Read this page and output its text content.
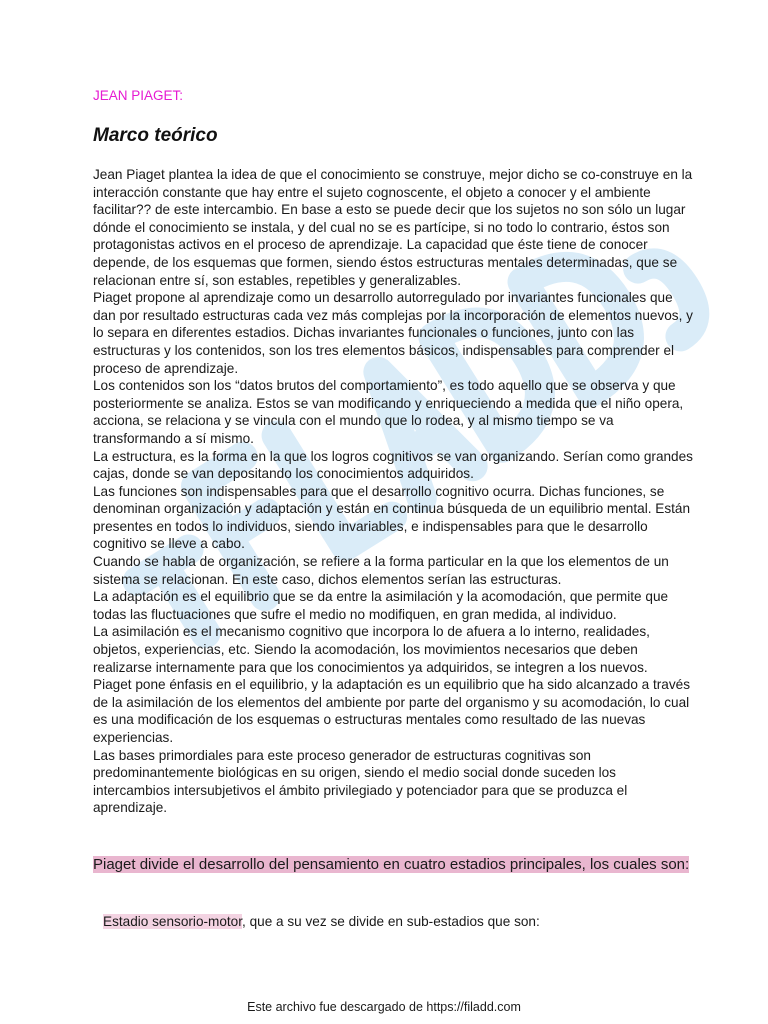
JEAN PIAGET:
Marco teórico

Jean Piaget plantea la idea de que el conocimiento se construye, mejor dicho se co-construye en la interacción constante que hay entre el sujeto cognoscente, el objeto a conocer y el ambiente facilitar?? de este intercambio. En base a esto se puede decir que los sujetos no son sólo un lugar dónde el conocimiento se instala, y del cual no se es partícipe, si no todo lo contrario, éstos son protagonistas activos en el proceso de aprendizaje. La capacidad que éste tiene de conocer depende, de los esquemas que formen, siendo éstos estructuras mentales determinadas, que se relacionan entre sí, son estables, repetibles y generalizables.

Piaget propone al aprendizaje como un desarrollo autorregulado por invariantes funcionales que dan por resultado estructuras cada vez más complejas por la incorporación de elementos nuevos, y lo separa en diferentes estadios. Dichas invariantes funcionales o funciones, junto con las estructuras y los contenidos, son los tres elementos básicos, indispensables para comprender el proceso de aprendizaje.

Los contenidos son los “datos brutos del comportamiento”, es todo aquello que se observa y que posteriormente se analiza. Estos se van modificando y enriqueciendo a medida que el niño opera, acciona, se relaciona y se vincula con el mundo que lo rodea, y al mismo tiempo se va transformando a sí mismo.

La estructura, es la forma en la que los logros cognitivos se van organizando. Serían como grandes cajas, donde se van depositando los conocimientos adquiridos.

Las funciones son indispensables para que el desarrollo cognitivo ocurra. Dichas funciones, se denominan organización y adaptación y están en continua búsqueda de un equilibrio mental. Están presentes en todos lo individuos, siendo invariables, e indispensables para que le desarrollo cognitivo se lleve a cabo.

Cuando se habla de organización, se refiere a la forma particular en la que los elementos de un sistema se relacionan. En este caso, dichos elementos serían las estructuras.

La adaptación es el equilibrio que se da entre la asimilación y la acomodación, que permite que todas las fluctuaciones que sufre el medio no modifiquen, en gran medida, al individuo.

La asimilación es el mecanismo cognitivo que incorpora lo de afuera a lo interno, realidades, objetos, experiencias, etc. Siendo la acomodación, los movimientos necesarios que deben realizarse internamente para que los conocimientos ya adquiridos, se integren a los nuevos.

Piaget pone énfasis en el equilibrio, y la adaptación es un equilibrio que ha sido alcanzado a través de la asimilación de los elementos del ambiente por parte del organismo y su acomodación, lo cual es una modificación de los esquemas o estructuras mentales como resultado de las nuevas experiencias.

Las bases primordiales para este proceso generador de estructuras cognitivas son predominantemente biológicas en su origen, siendo el medio social donde suceden los intercambios intersubjetivos el ámbito privilegiado y potenciador para que se produzca el aprendizaje.

Piaget divide el desarrollo del pensamiento en cuatro estadios principales, los cuales son:
Estadio sensorio-motor, que a su vez se divide en sub-estadios que son:
Este archivo fue descargado de https://filadd.com
